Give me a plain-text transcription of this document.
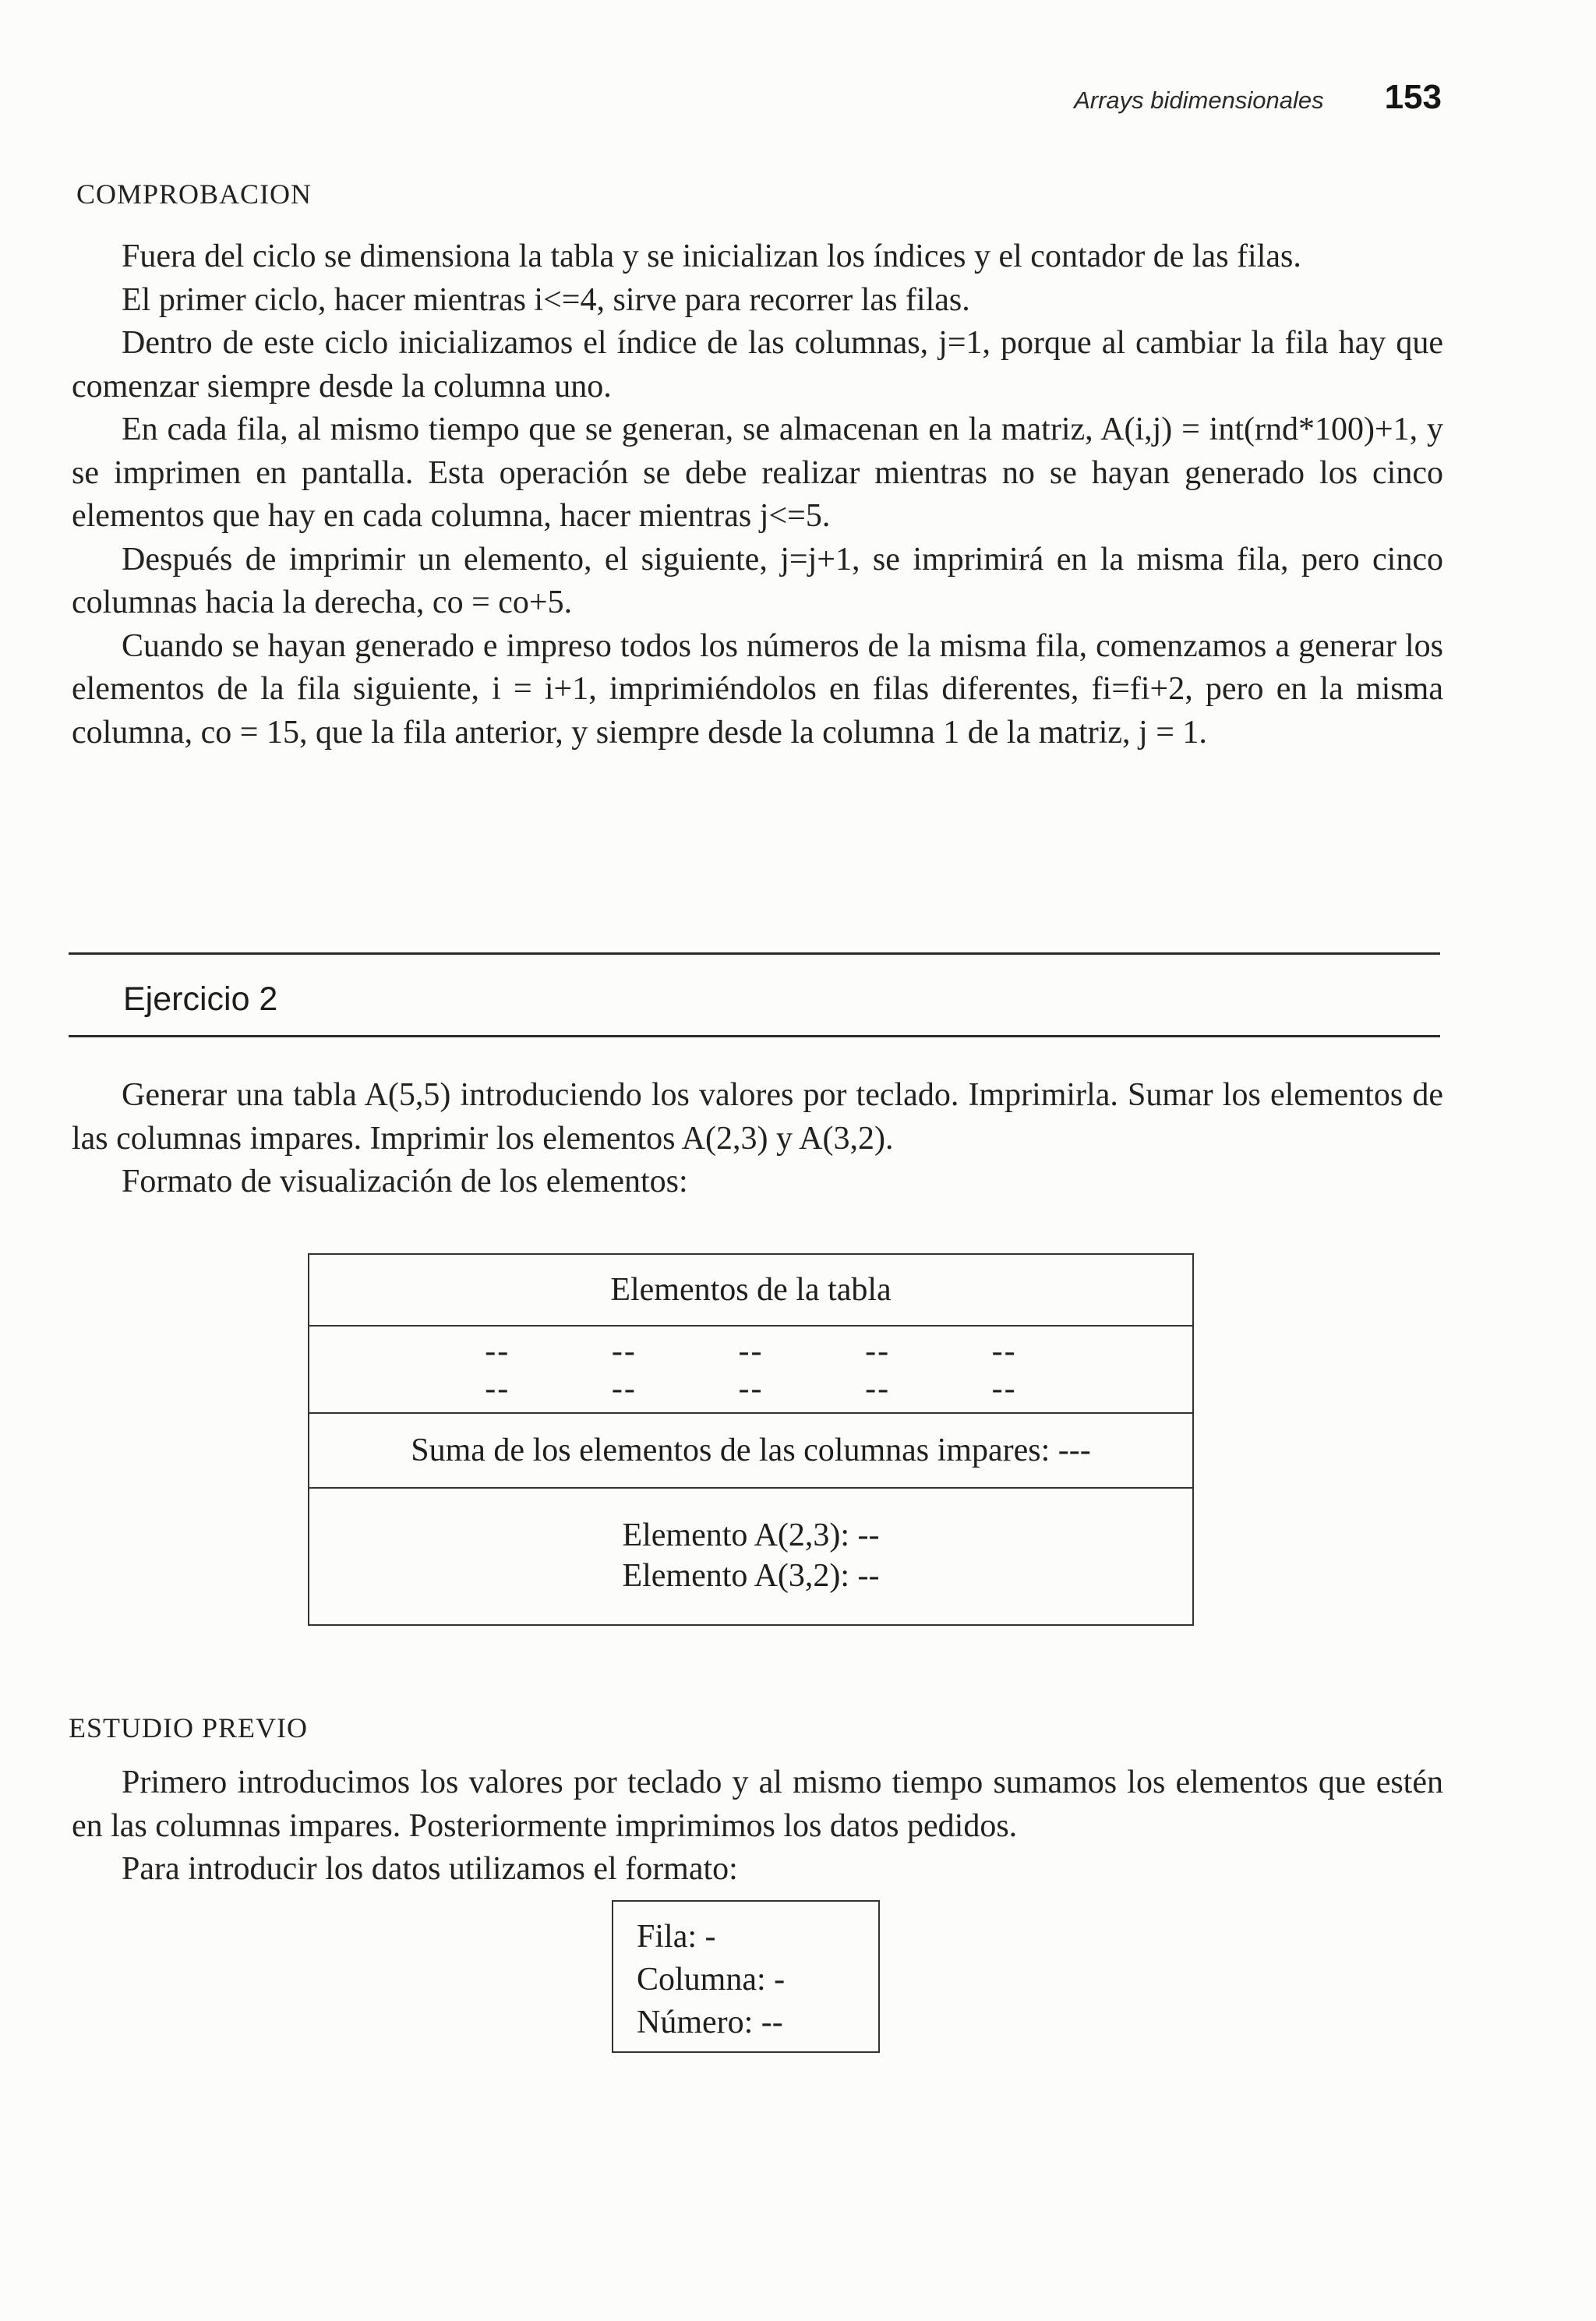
Arrays bidimensionales 153
COMPROBACION

Fuera del ciclo se dimensiona la tabla y se inicializan los índices y el contador de las filas.

El primer ciclo, hacer mientras i<=4, sirve para recorrer las filas.

Dentro de este ciclo inicializamos el índice de las columnas, j=1, porque al cambiar la fila hay que comenzar siempre desde la columna uno.

En cada fila, al mismo tiempo que se generan, se almacenan en la matriz, A(i,j) = int(rnd*100)+1, y se imprimen en pantalla. Esta operación se debe realizar mientras no se hayan generado los cinco elementos que hay en cada columna, hacer mientras j<=5.

Después de imprimir un elemento, el siguiente, j=j+1, se imprimirá en la misma fila, pero cinco columnas hacia la derecha, co = co+5.

Cuando se hayan generado e impreso todos los números de la misma fila, comenzamos a generar los elementos de la fila siguiente, i = i+1, imprimiéndolos en filas diferentes, fi=fi+2, pero en la misma columna, co = 15, que la fila anterior, y siempre desde la columna 1 de la matriz, j = 1.

Ejercicio 2

Generar una tabla A(5,5) introduciendo los valores por teclado. Imprimirla. Sumar los elementos de las columnas impares. Imprimir los elementos A(2,3) y A(3,2).

Formato de visualización de los elementos:

Elementos de la tabla
--	--	--	--	--
--	--	--	--	--
Suma de los elementos de las columnas impares: ---
Elemento A(2,3): --
Elemento A(3,2): --
ESTUDIO PREVIO

Primero introducimos los valores por teclado y al mismo tiempo sumamos los elementos que estén en las columnas impares. Posteriormente imprimimos los datos pedidos.

Para introducir los datos utilizamos el formato:

Fila: -
Columna: -
Número: --
